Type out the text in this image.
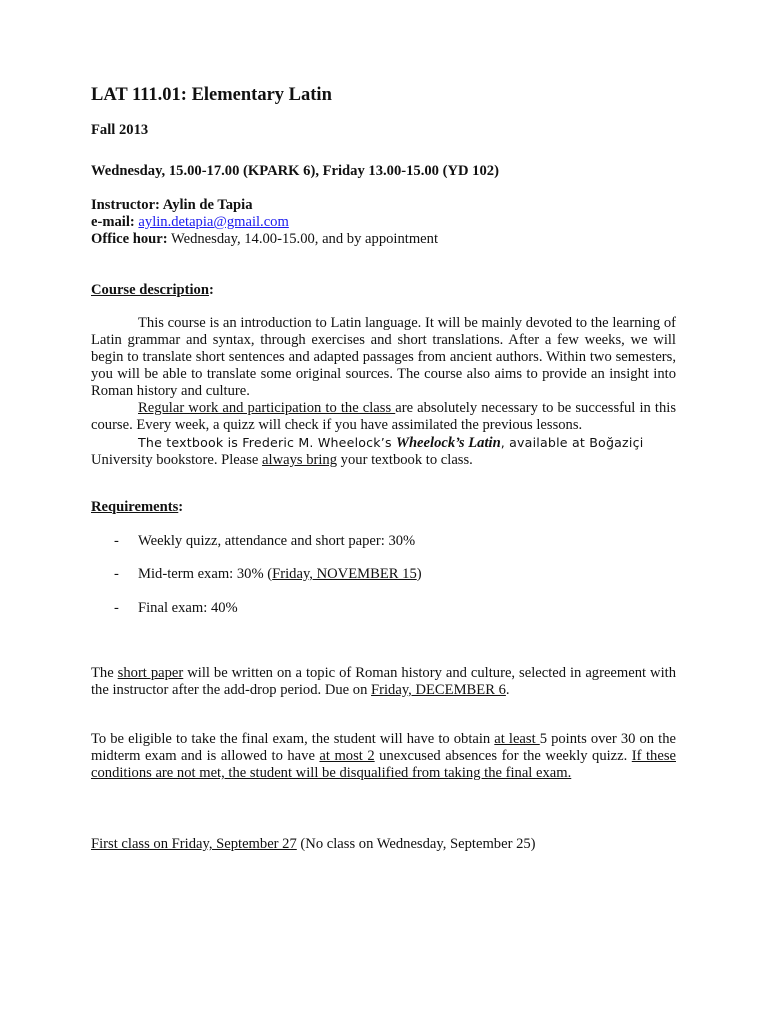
LAT 111.01: Elementary Latin
Fall 2013
Wednesday, 15.00-17.00 (KPARK 6), Friday 13.00-15.00 (YD 102)
Instructor: Aylin de Tapia
e-mail: aylin.detapia@gmail.com
Office hour: Wednesday, 14.00-15.00, and by appointment
Course description:
This course is an introduction to Latin language. It will be mainly devoted to the learning of Latin grammar and syntax, through exercises and short translations. After a few weeks, we will begin to translate short sentences and adapted passages from ancient authors. Within two semesters, you will be able to translate some original sources. The course also aims to provide an insight into Roman history and culture.
Regular work and participation to the class are absolutely necessary to be successful in this course. Every week, a quizz will check if you have assimilated the previous lessons.
The textbook is Frederic M. Wheelock’s Wheelock’s Latin, available at Boğaziçi
University bookstore. Please always bring your textbook to class.
Requirements:
- Weekly quizz, attendance and short paper: 30%
- Mid-term exam: 30% (Friday, NOVEMBER 15)
- Final exam: 40%
The short paper will be written on a topic of Roman history and culture, selected in agreement with the instructor after the add-drop period. Due on Friday, DECEMBER 6.
To be eligible to take the final exam, the student will have to obtain at least 5 points over 30 on the midterm exam and is allowed to have at most 2 unexcused absences for the weekly quizz. If these conditions are not met, the student will be disqualified from taking the final exam.
First class on Friday, September 27 (No class on Wednesday, September 25)
